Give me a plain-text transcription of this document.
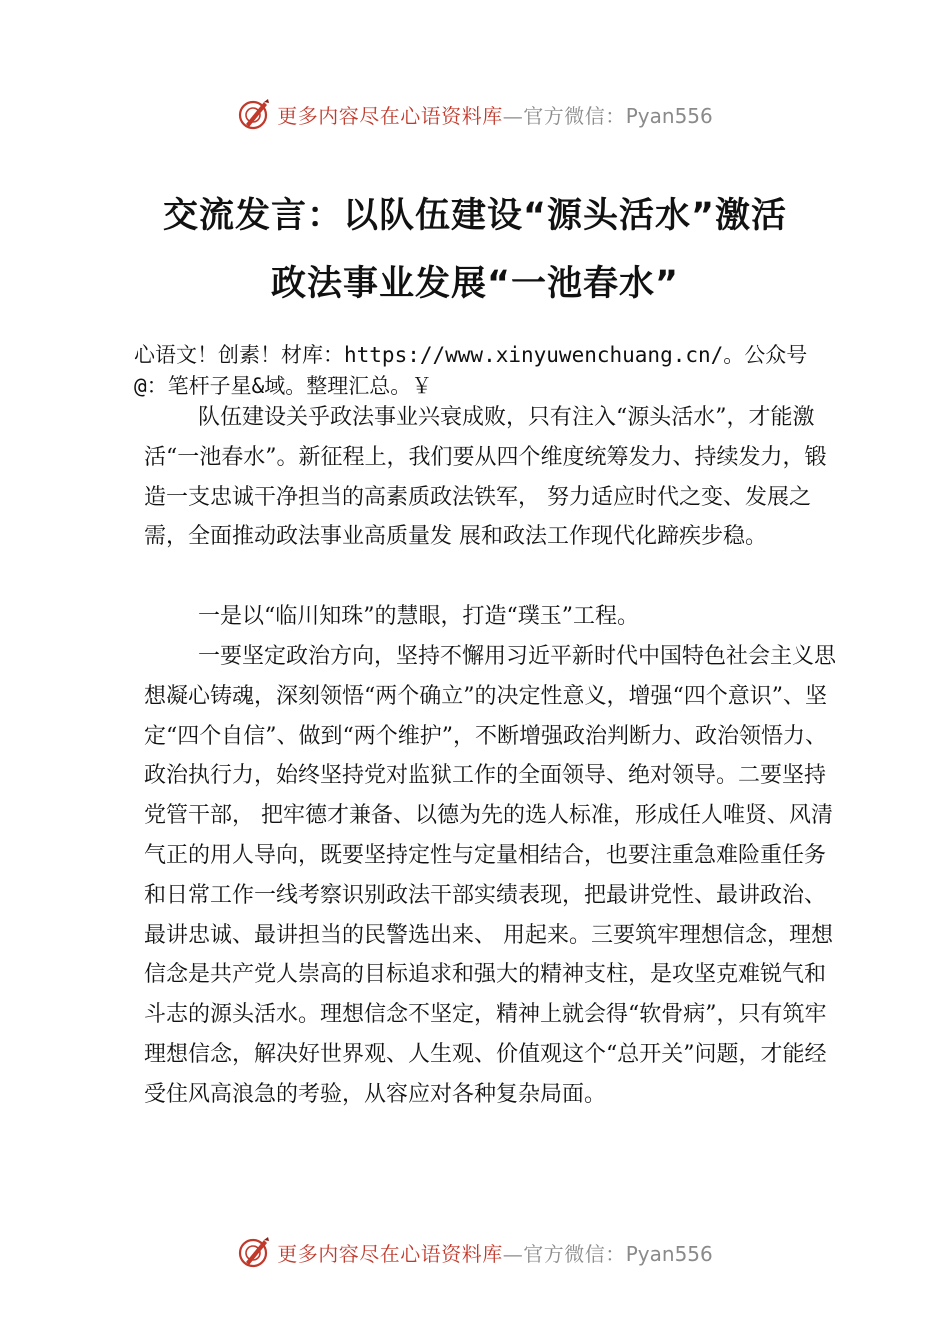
更多内容尽在心语资料库—官方微信：Pyan556
交流发言：以队伍建设“源头活水”激活
政法事业发展“一池春水”
心语文！创素！材库：https://www.xinyuwenchuang.cn/。公众号@：笔杆子星&域。整理汇总。￥
队伍建设关乎政法事业兴衰成败，只有注入“源头活水”，才能激活“一池春水”。新征程上，我们要从四个维度统筹发力、持续发力，锻造一支忠诚干净担当的高素质政法铁军， 努力适应时代之变、发展之需，全面推动政法事业高质量发 展和政法工作现代化蹄疾步稳。
一是以“临川知珠”的慧眼，打造“璞玉”工程。
一要坚定政治方向，坚持不懈用习近平新时代中国特色社会主义思想凝心铸魂，深刻领悟“两个确立”的决定性意义，增强“四个意识”、坚定“四个自信”、做到“两个维护”，不断增强政治判断力、政治领悟力、政治执行力，始终坚持党对监狱工作的全面领导、绝对领导。二要坚持党管干部， 把牢德才兼备、以德为先的选人标准，形成任人唯贤、风清气正的用人导向，既要坚持定性与定量相结合，也要注重急难险重任务和日常工作一线考察识别政法干部实绩表现，把最讲党性、最讲政治、最讲忠诚、最讲担当的民警选出来、 用起来。三要筑牢理想信念，理想信念是共产党人崇高的目标追求和强大的精神支柱，是攻坚克难锐气和斗志的源头活水。理想信念不坚定，精神上就会得“软骨病”，只有筑牢理想信念，解决好世界观、人生观、价值观这个“总开关”问题，才能经受住风高浪急的考验，从容应对各种复杂局面。
更多内容尽在心语资料库—官方微信：Pyan556
